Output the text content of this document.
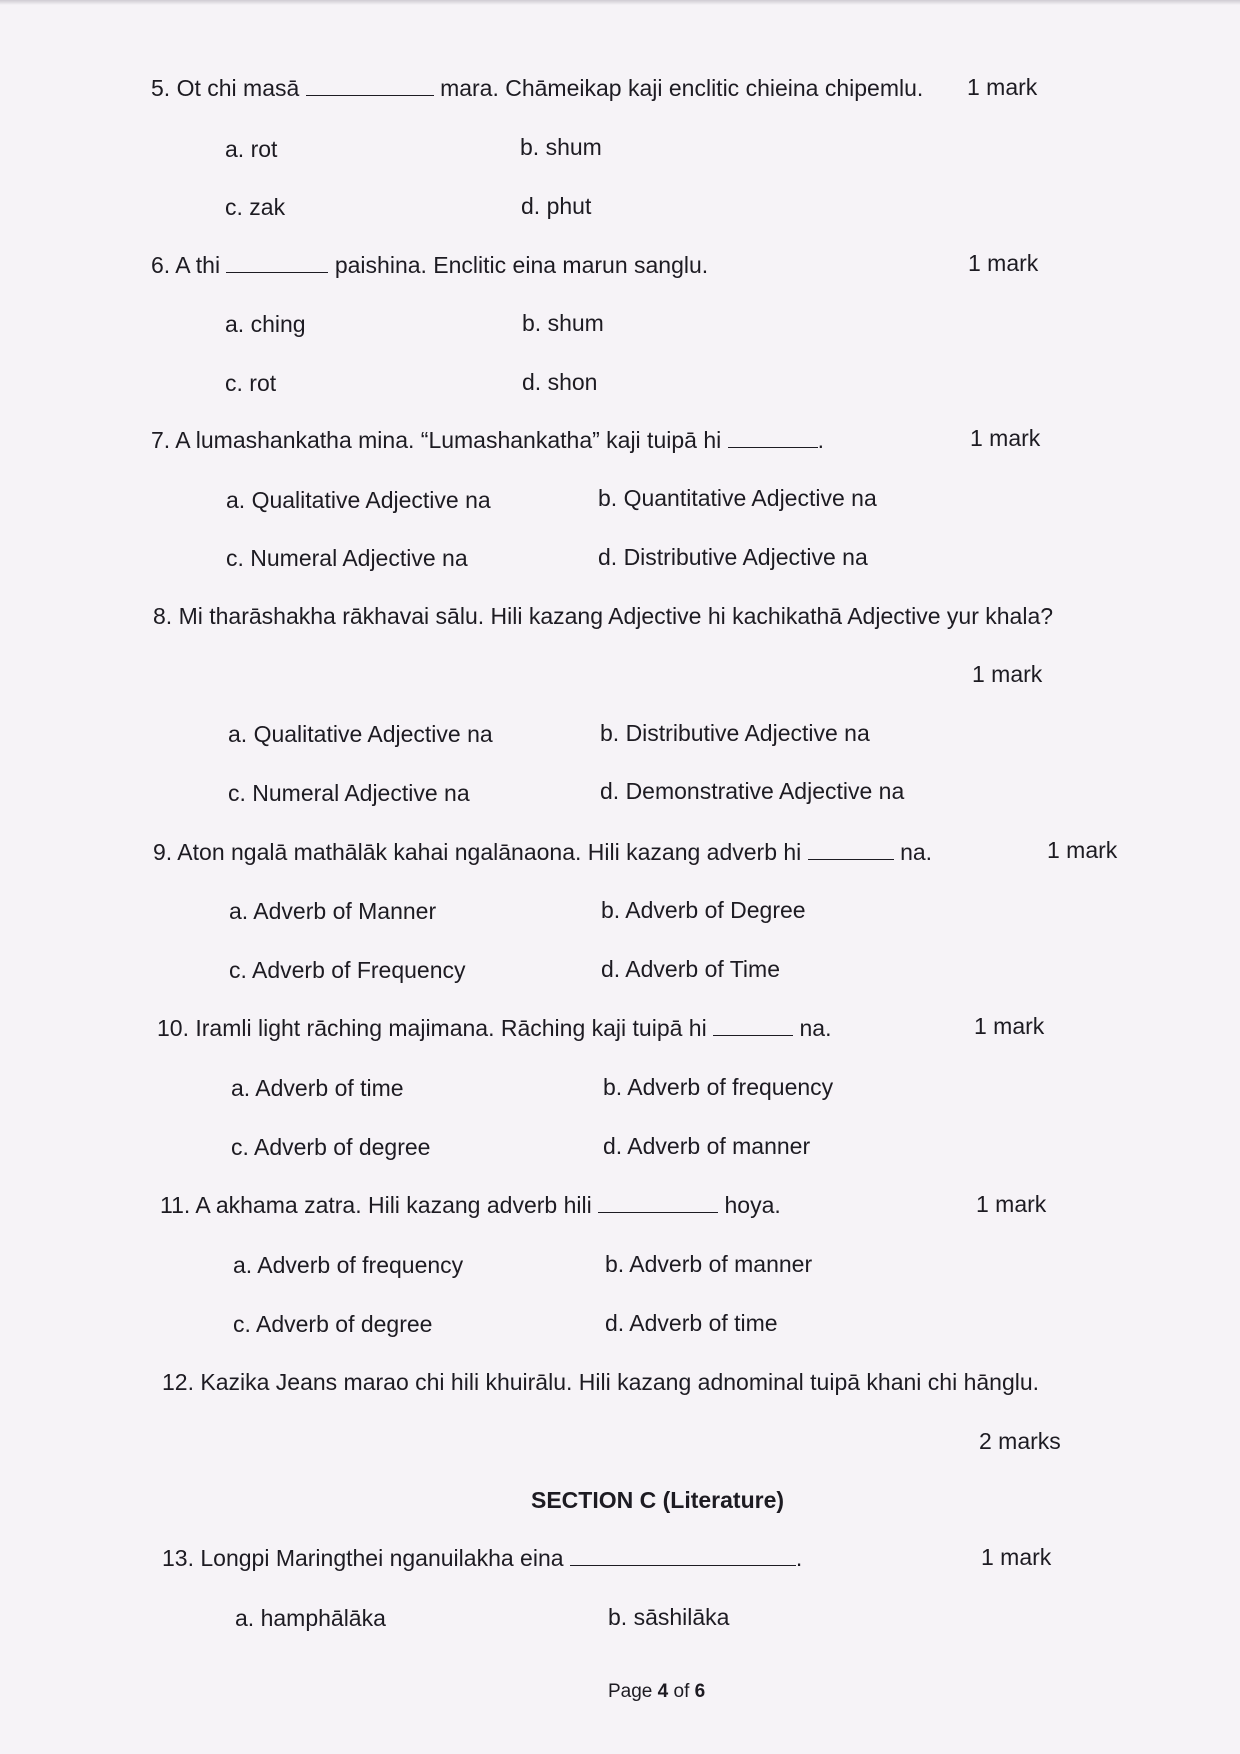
5. Ot chi masā	mara. Chāmeikap kaji enclitic chieina chipemlu. 1 mark
a. rot	b. shum
c. zak	d. phut
6. A thi	paishina. Enclitic eina marun sanglu.	1 mark
a. ching	b. shum
c. rot	d. shon
7. A lumashankatha mina. “Lumashankatha” kaji tuipā hi	.	1 mark
a. Qualitative Adjective na	b. Quantitative Adjective na
c. Numeral Adjective na	d. Distributive Adjective na
8. Mi tharāshakha rākhavai sālu. Hili kazang Adjective hi kachikathā Adjective yur khala?
1 mark
a. Qualitative Adjective na	b. Distributive Adjective na
c. Numeral Adjective na	d. Demonstrative Adjective na
9. Aton ngalā mathālāk kahai ngalānaona. Hili kazang adverb hi	na.	1 mark
a. Adverb of Manner	b. Adverb of Degree
c. Adverb of Frequency	d. Adverb of Time
10. Iramli light rāching majimana. Rāching kaji tuipā hi	na.	1 mark
a. Adverb of time	b. Adverb of frequency
c. Adverb of degree	d. Adverb of manner
11. A akhama zatra. Hili kazang adverb hili	hoya.	1 mark
a. Adverb of frequency	b. Adverb of manner
c. Adverb of degree	d. Adverb of time
12. Kazika Jeans marao chi hili khuirālu. Hili kazang adnominal tuipā khani chi hānglu.
2 marks
SECTION C (Literature)
13. Longpi Maringthei nganuilakha eina	.	1 mark
a. hamphālāka	b. sāshilāka
Page 4 of 6
